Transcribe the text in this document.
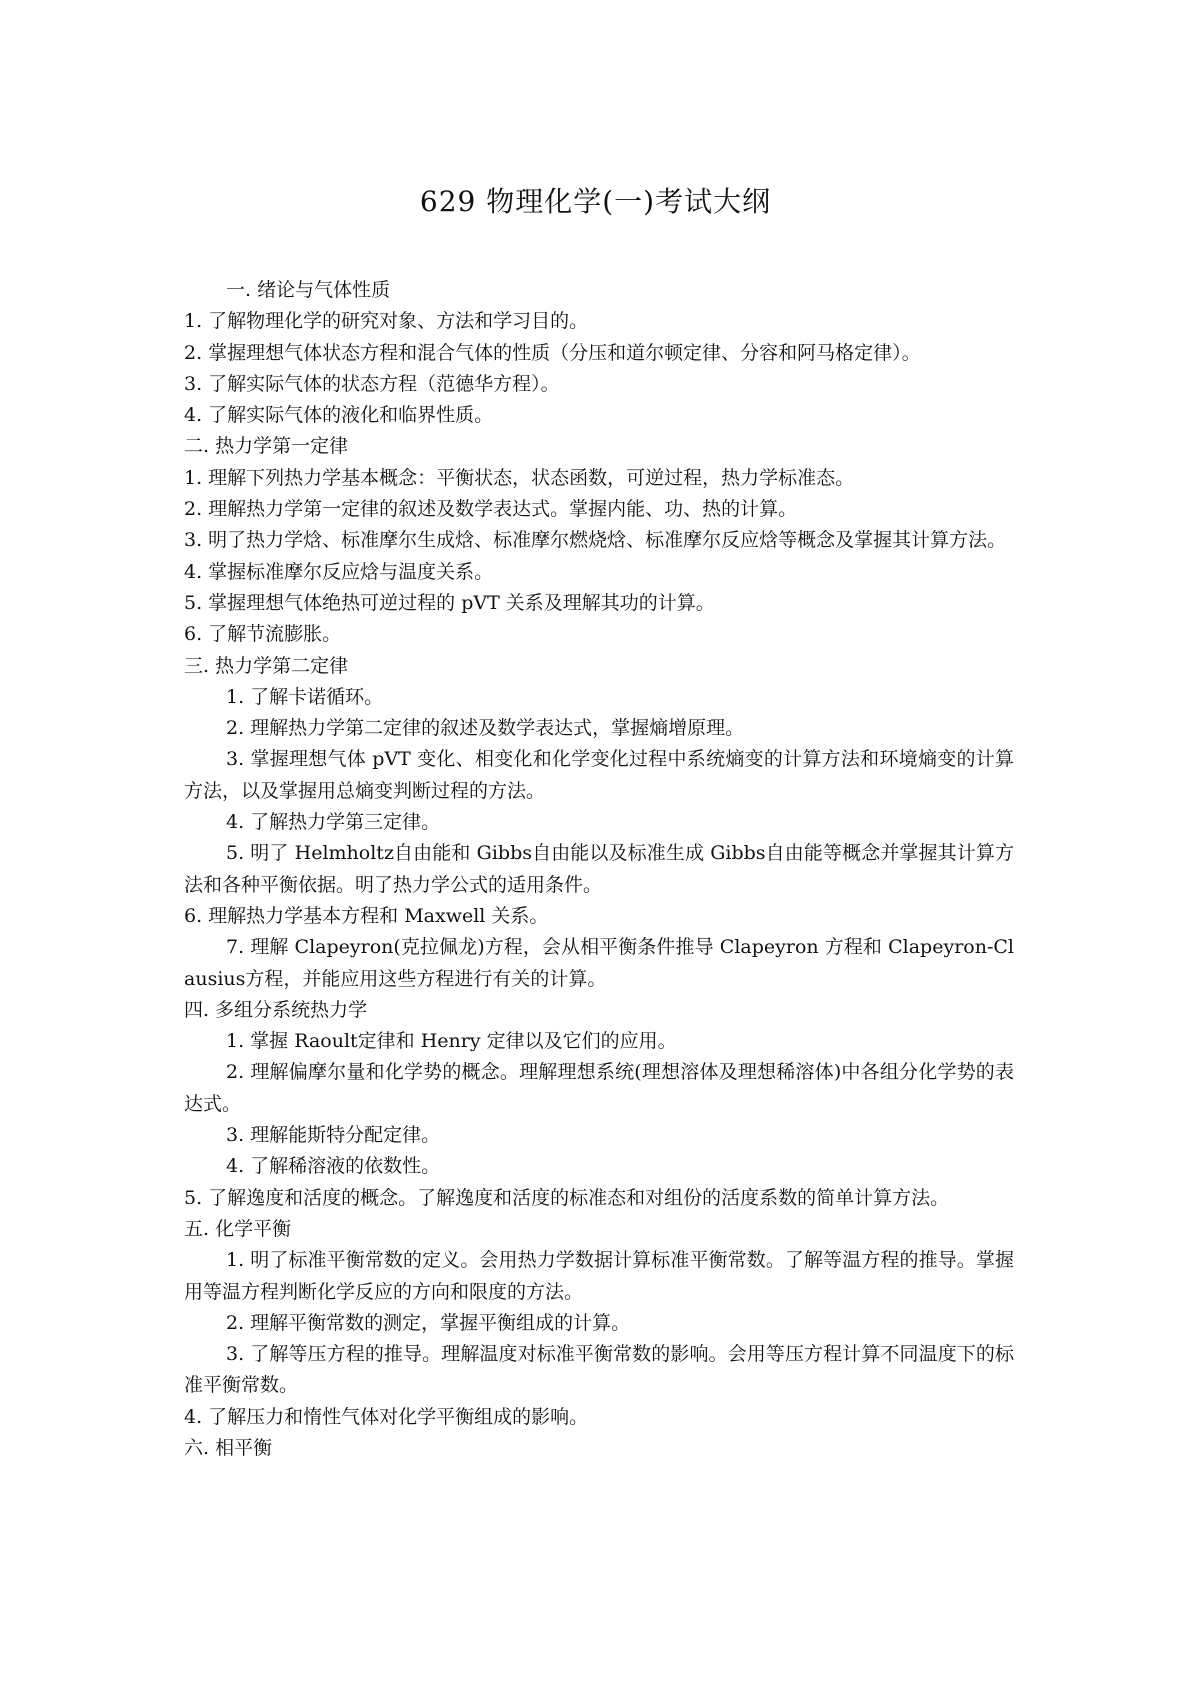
629 物理化学(一)考试大纲
一. 绪论与气体性质
1. 了解物理化学的研究对象、方法和学习目的。
2. 掌握理想气体状态方程和混合气体的性质（分压和道尔顿定律、分容和阿马格定律）。
3. 了解实际气体的状态方程（范德华方程）。
4. 了解实际气体的液化和临界性质。
二. 热力学第一定律
1. 理解下列热力学基本概念：平衡状态，状态函数，可逆过程，热力学标准态。
2. 理解热力学第一定律的叙述及数学表达式。掌握内能、功、热的计算。
3. 明了热力学焓、标准摩尔生成焓、标准摩尔燃烧焓、标准摩尔反应焓等概念及掌握其计算方法。
4. 掌握标准摩尔反应焓与温度关系。
5. 掌握理想气体绝热可逆过程的 pVT 关系及理解其功的计算。
6. 了解节流膨胀。
三. 热力学第二定律
1. 了解卡诺循环。
2. 理解热力学第二定律的叙述及数学表达式，掌握熵增原理。
3. 掌握理想气体 pVT 变化、相变化和化学变化过程中系统熵变的计算方法和环境熵变的计算方法，以及掌握用总熵变判断过程的方法。
4. 了解热力学第三定律。
5. 明了 Helmholtz自由能和 Gibbs自由能以及标准生成 Gibbs自由能等概念并掌握其计算方法和各种平衡依据。明了热力学公式的适用条件。
6. 理解热力学基本方程和 Maxwell 关系。
7. 理解 Clapeyron(克拉佩龙)方程，会从相平衡条件推导 Clapeyron 方程和 Clapeyron-Clausius方程，并能应用这些方程进行有关的计算。
四. 多组分系统热力学
1. 掌握 Raoult定律和 Henry 定律以及它们的应用。
2. 理解偏摩尔量和化学势的概念。理解理想系统(理想溶体及理想稀溶体)中各组分化学势的表达式。
3. 理解能斯特分配定律。
4. 了解稀溶液的依数性。
5. 了解逸度和活度的概念。了解逸度和活度的标准态和对组份的活度系数的简单计算方法。
五. 化学平衡
1. 明了标准平衡常数的定义。会用热力学数据计算标准平衡常数。了解等温方程的推导。掌握用等温方程判断化学反应的方向和限度的方法。
2. 理解平衡常数的测定，掌握平衡组成的计算。
3. 了解等压方程的推导。理解温度对标准平衡常数的影响。会用等压方程计算不同温度下的标准平衡常数。
4. 了解压力和惰性气体对化学平衡组成的影响。
六. 相平衡
